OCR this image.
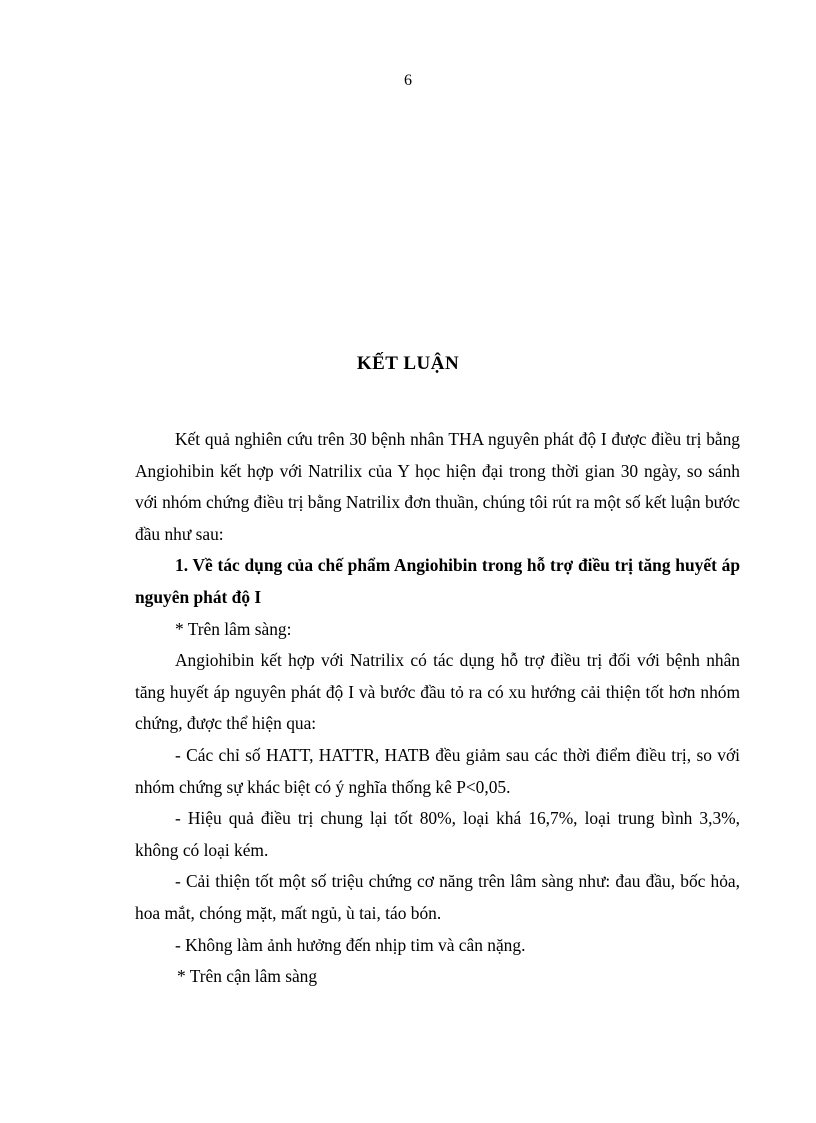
6
KẾT LUẬN

Kết quả nghiên cứu trên 30 bệnh nhân THA nguyên phát độ I được điều trị bằng Angiohibin kết hợp với Natrilix của Y học hiện đại trong thời gian 30 ngày, so sánh với nhóm chứng điều trị bằng Natrilix đơn thuần, chúng tôi rút ra một số kết luận bước đầu như sau:

1. Về tác dụng của chế phẩm Angiohibin trong hỗ trợ điều trị tăng huyết áp nguyên phát độ I

* Trên lâm sàng:

Angiohibin kết hợp với Natrilix có tác dụng hỗ trợ điều trị đối với bệnh nhân tăng huyết áp nguyên phát độ I và bước đầu tỏ ra có xu hướng cải thiện tốt hơn nhóm chứng, được thể hiện qua:

- Các chỉ số HATT, HATTR, HATB đều giảm sau các thời điểm điều trị, so với nhóm chứng sự khác biệt có ý nghĩa thống kê P<0,05.

- Hiệu quả điều trị chung lại tốt 80%, loại khá 16,7%, loại trung bình 3,3%, không có loại kém.

- Cải thiện tốt một số triệu chứng cơ năng trên lâm sàng như: đau đầu, bốc hỏa, hoa mắt, chóng mặt, mất ngủ, ù tai, táo bón.

- Không làm ảnh hưởng đến nhịp tim và cân nặng.

* Trên cận lâm sàng
